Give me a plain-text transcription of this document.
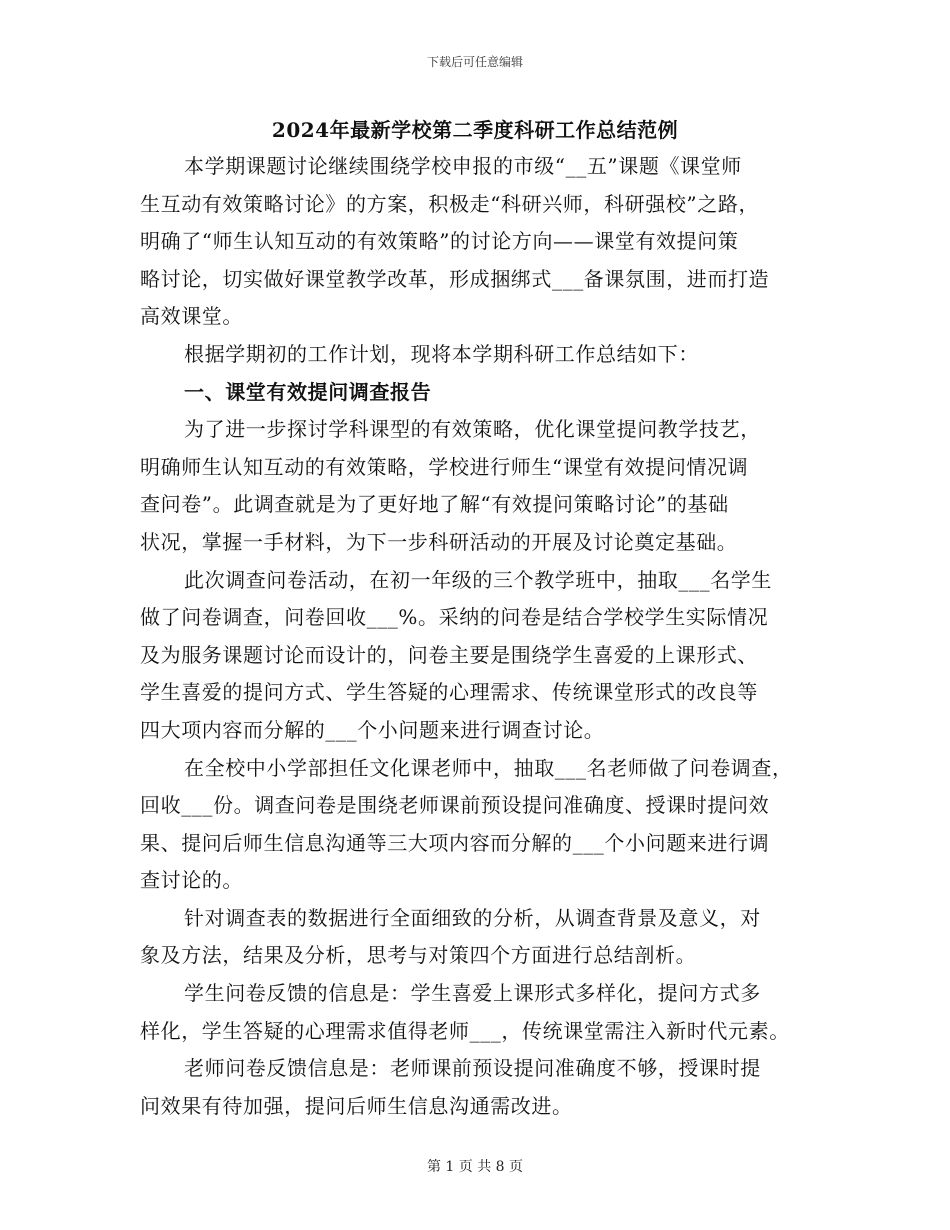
下载后可任意编辑
2024年最新学校第二季度科研工作总结范例
本学期课题讨论继续围绕学校申报的市级“__五”课题《课堂师
生互动有效策略讨论》的方案，积极走“科研兴师，科研强校”之路，
明确了“师生认知互动的有效策略”的讨论方向——课堂有效提问策
略讨论，切实做好课堂教学改革，形成捆绑式___备课氛围，进而打造
高效课堂。
根据学期初的工作计划，现将本学期科研工作总结如下：
一、课堂有效提问调查报告
为了进一步探讨学科课型的有效策略，优化课堂提问教学技艺，
明确师生认知互动的有效策略，学校进行师生“课堂有效提问情况调
查问卷”。此调查就是为了更好地了解“有效提问策略讨论”的基础
状况，掌握一手材料，为下一步科研活动的开展及讨论奠定基础。
此次调查问卷活动，在初一年级的三个教学班中，抽取___名学生
做了问卷调查，问卷回收___%。采纳的问卷是结合学校学生实际情况
及为服务课题讨论而设计的，问卷主要是围绕学生喜爱的上课形式、
学生喜爱的提问方式、学生答疑的心理需求、传统课堂形式的改良等
四大项内容而分解的___个小问题来进行调查讨论。
在全校中小学部担任文化课老师中，抽取___名老师做了问卷调查，
回收___份。调查问卷是围绕老师课前预设提问准确度、授课时提问效
果、提问后师生信息沟通等三大项内容而分解的___个小问题来进行调
查讨论的。
针对调查表的数据进行全面细致的分析，从调查背景及意义，对
象及方法，结果及分析，思考与对策四个方面进行总结剖析。
学生问卷反馈的信息是：学生喜爱上课形式多样化，提问方式多
样化，学生答疑的心理需求值得老师___，传统课堂需注入新时代元素。
老师问卷反馈信息是：老师课前预设提问准确度不够，授课时提
问效果有待加强，提问后师生信息沟通需改进。
第 1 页 共 8 页
